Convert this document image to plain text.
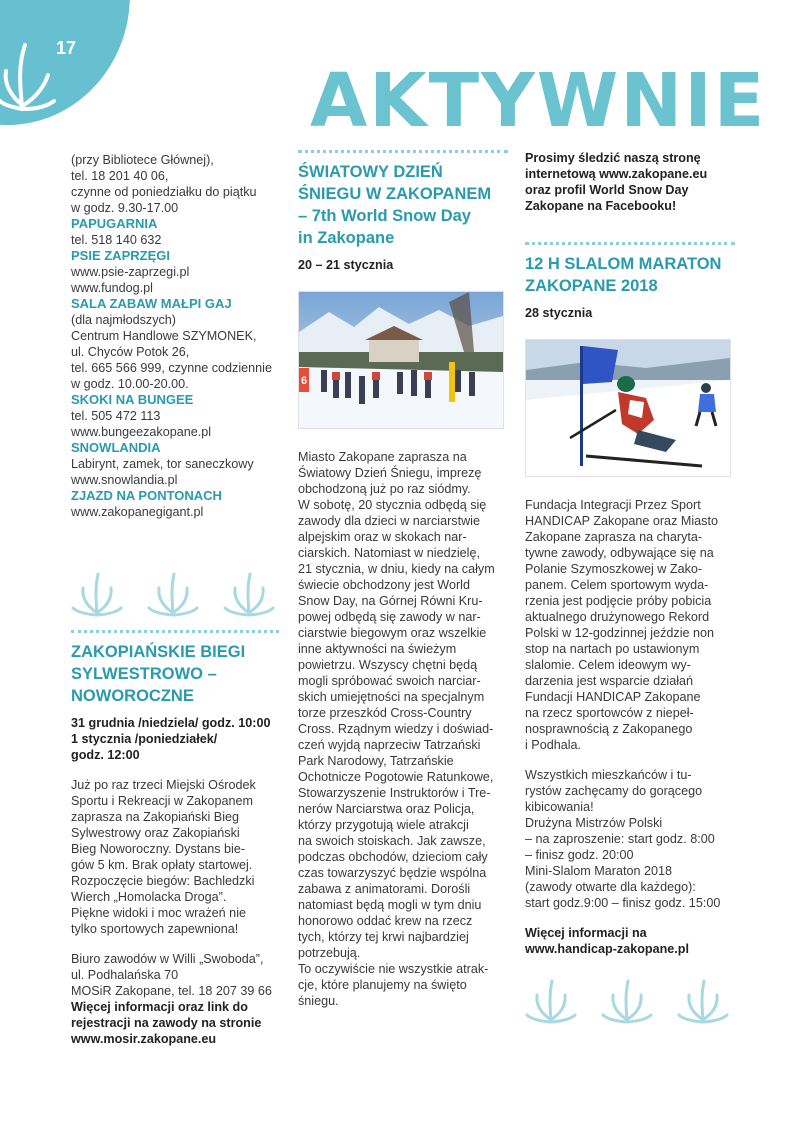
17
AKTYWNIE
(przy Bibliotece Głównej),
tel. 18 201 40 06,
czynne od poniedziałku do piątku
w godz. 9.30-17.00
PAPUGARNIA
tel. 518 140 632
PSIE ZAPRZĘGI
www.psie-zaprzegi.pl
www.fundog.pl
SALA ZABAW MAŁPI GAJ
(dla najmłodszych)
Centrum Handlowe SZYMONEK,
ul. Chyców Potok 26,
tel. 665 566 999, czynne codziennie
w godz. 10.00-20.00.
SKOKI NA BUNGEE
tel. 505 472 113
www.bungeezakopane.pl
SNOWLANDIA
Labirynt, zamek, tor saneczkowy
www.snowlandia.pl
ZJAZD NA PONTONACH
www.zakopanegigant.pl
ZAKOPIAŃSKIE BIEGI
SYLWESTROWO –
NOWOROCZNE
31 grudnia /niedziela/ godz. 10:00
1 stycznia /poniedziałek/
godz. 12:00
Już po raz trzeci Miejski Ośrodek
Sportu i Rekreacji w Zakopanem
zaprasza na Zakopiański Bieg
Sylwestrowy oraz Zakopiański
Bieg Noworoczny. Dystans bie-
gów 5 km. Brak opłaty startowej.
Rozpoczęcie biegów: Bachledzki
Wierch „Homolacka Droga”.
Piękne widoki i moc wrażeń nie
tylko sportowych zapewniona!
Biuro zawodów w Willi „Swoboda”,
ul. Podhalańska 70
MOSiR Zakopane, tel. 18 207 39 66
Więcej informacji oraz link do
rejestracji na zawody na stronie
www.mosir.zakopane.eu
ŚWIATOWY DZIEŃ
ŚNIEGU W ZAKOPANEM
– 7th World Snow Day
in Zakopane
20 – 21 stycznia
6
Miasto Zakopane zaprasza na
Światowy Dzień Śniegu, imprezę
obchodzoną już po raz siódmy.
W sobotę, 20 stycznia odbędą się
zawody dla dzieci w narciarstwie
alpejskim oraz w skokach nar-
ciarskich. Natomiast w niedzielę,
21 stycznia, w dniu, kiedy na całym
świecie obchodzony jest World
Snow Day, na Górnej Równi Kru-
powej odbędą się zawody w nar-
ciarstwie biegowym oraz wszelkie
inne aktywności na świeżym
powietrzu. Wszyscy chętni będą
mogli spróbować swoich narciar-
skich umiejętności na specjalnym
torze przeszkód Cross-Country
Cross. Rządnym wiedzy i doświad-
czeń wyjdą naprzeciw Tatrzański
Park Narodowy, Tatrzańskie
Ochotnicze Pogotowie Ratunkowe,
Stowarzyszenie Instruktorów i Tre-
nerów Narciarstwa oraz Policja,
którzy przygotują wiele atrakcji
na swoich stoiskach. Jak zawsze,
podczas obchodów, dzieciom cały
czas towarzyszyć będzie wspólna
zabawa z animatorami. Dorośli
natomiast będą mogli w tym dniu
honorowo oddać krew na rzecz
tych, którzy tej krwi najbardziej
potrzebują.
To oczywiście nie wszystkie atrak-
cje, które planujemy na święto
śniegu.
Prosimy śledzić naszą stronę
internetową www.zakopane.eu
oraz profil World Snow Day
Zakopane na Facebooku!
12 H SLALOM MARATON
ZAKOPANE 2018
28 stycznia
Fundacja Integracji Przez Sport
HANDICAP Zakopane oraz Miasto
Zakopane zaprasza na charyta-
tywne zawody, odbywające się na
Polanie Szymoszkowej w Zako-
panem. Celem sportowym wyda-
rzenia jest podjęcie próby pobicia
aktualnego drużynowego Rekord
Polski w 12-godzinnej jeździe non
stop na nartach po ustawionym
slalomie. Celem ideowym wy-
darzenia jest wsparcie działań
Fundacji HANDICAP Zakopane
na rzecz sportowców z niepeł-
nosprawnością z Zakopanego
i Podhala.
Wszystkich mieszkańców i tu-
rystów zachęcamy do gorącego
kibicowania!
Drużyna Mistrzów Polski
– na zaproszenie: start godz. 8:00
– finisz godz. 20:00
Mini-Slalom Maraton 2018
(zawody otwarte dla każdego):
start godz.9:00 – finisz godz. 15:00
Więcej informacji na
www.handicap-zakopane.pl
